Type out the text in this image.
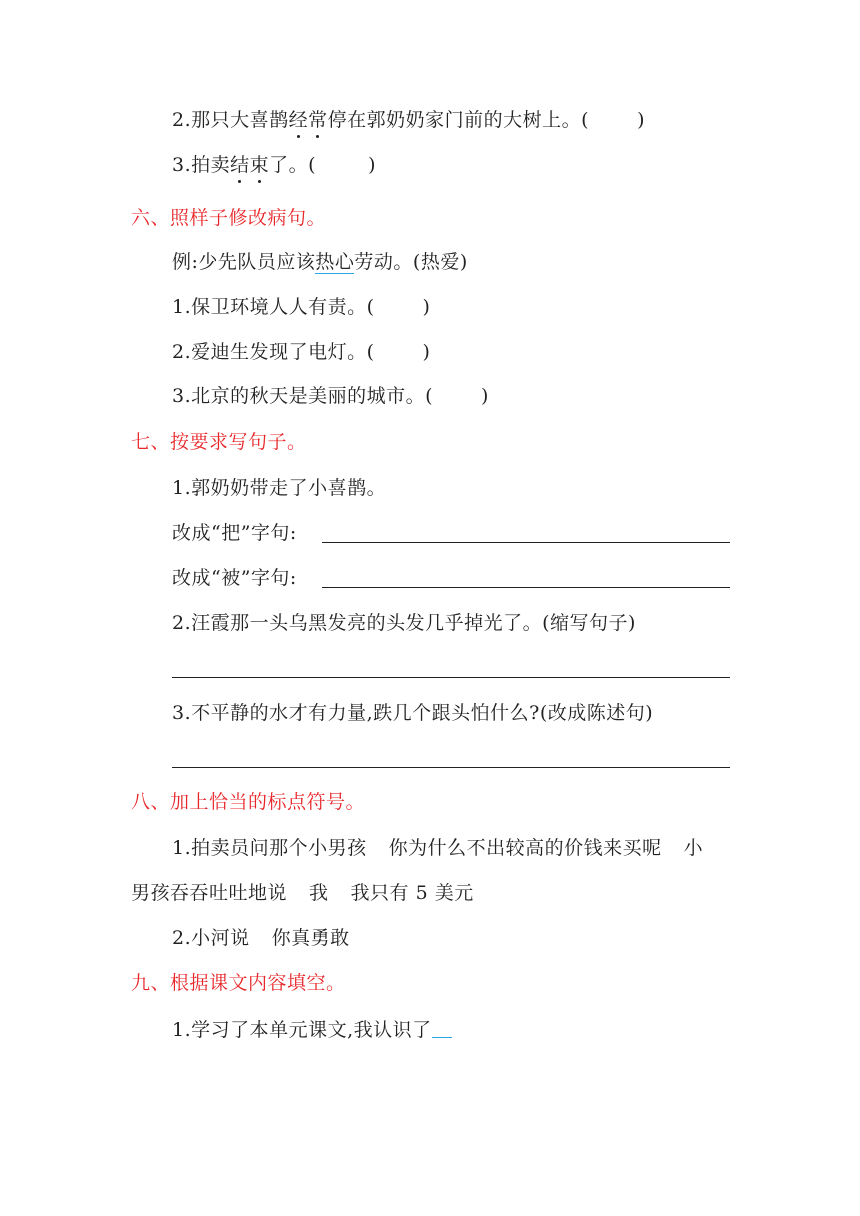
2.那只大喜鹊经常停在郭奶奶家门前的大树上。(	)
3.拍卖结束了。(	)
六、照样子修改病句。
例:少先队员应该热心劳动。(热爱)
1.保卫环境人人有责。(	)
2.爱迪生发现了电灯。(	)
3.北京的秋天是美丽的城市。(	)
七、按要求写句子。
1.郭奶奶带走了小喜鹊。
改成“把”字句:
改成“被”字句:
2.汪霞那一头乌黑发亮的头发几乎掉光了。(缩写句子)
3.不平静的水才有力量,跌几个跟头怕什么?(改成陈述句)
八、加上恰当的标点符号。
1.拍卖员问那个小男孩 你为什么不出较高的价钱来买呢 小
男孩吞吞吐吐地说 我 我只有 5 美元
2.小河说 你真勇敢
九、根据课文内容填空。
1.学习了本单元课文,我认识了
